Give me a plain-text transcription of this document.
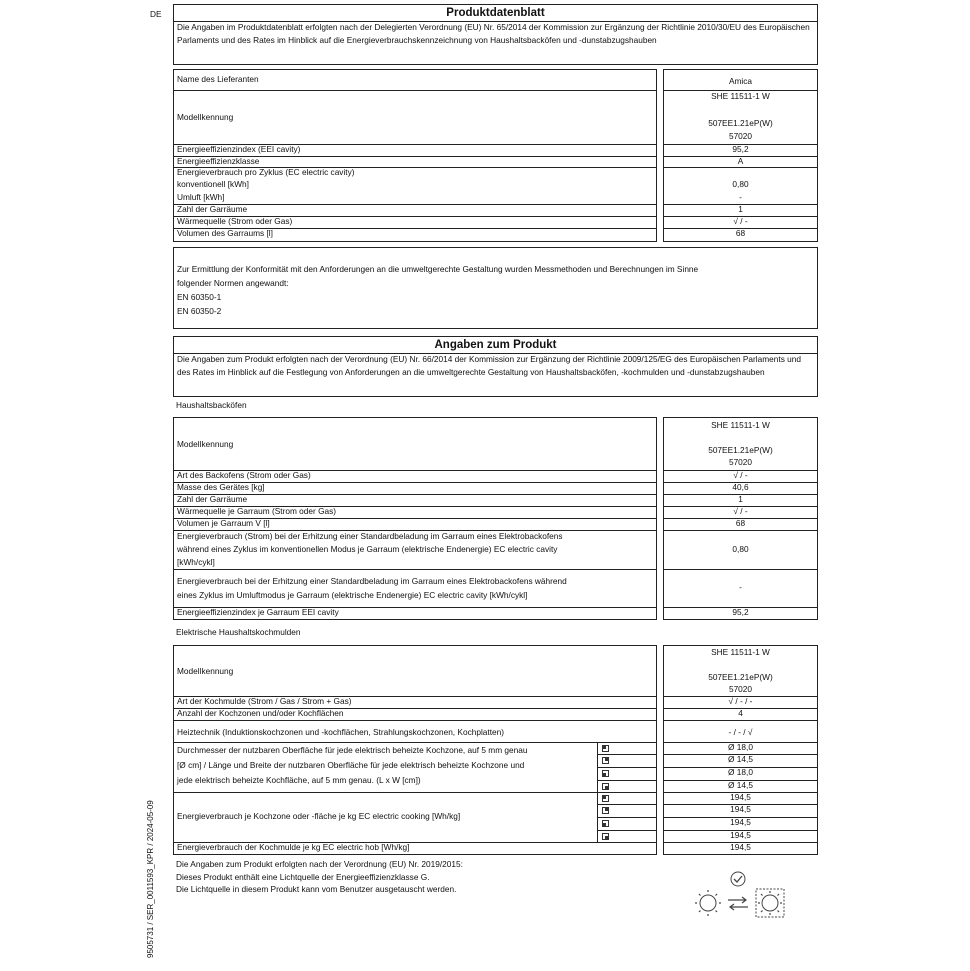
DE
9505731 / SER_0011593_KPR / 2024-05-09
Produktdatenblatt
Die Angaben im Produktdatenblatt erfolgten nach der Delegierten Verordnung (EU) Nr. 65/2014 der Kommission zur Ergänzung der Richtlinie 2010/30/EU des Europäischen Parlaments und des Rates im Hinblick auf die Energieverbrauchskennzeichnung von Haushaltsbacköfen und -dunstabzugshauben
Name des Lieferanten
Modellkennung
Energieeffizienzindex (EEI cavity)
Energieeffizienzklasse
Energieverbrauch pro Zyklus (EC electric cavity)
konventionell [kWh]
Umluft [kWh]
Zahl der Garräume
Wärmequelle (Strom oder Gas)
Volumen des Garraums [l]
Amica
SHE 11511-1 W
507EE1.21eP(W)
57020
95,2
A
0,80
-
1
√ / -
68
Zur Ermittlung der Konformität mit den Anforderungen an die umweltgerechte Gestaltung wurden Messmethoden und Berechnungen im Sinne
folgender Normen angewandt:
EN 60350-1
EN 60350-2
Angaben zum Produkt
Die Angaben zum Produkt erfolgten nach der Verordnung (EU) Nr. 66/2014 der Kommission zur Ergänzung der Richtlinie 2009/125/EG des Europäischen Parlaments und des Rates im Hinblick auf die Festlegung von Anforderungen an die umweltgerechte Gestaltung von Haushaltsbacköfen, -kochmulden und -dunstabzugshauben
Haushaltsbacköfen
Modellkennung
Art des Backofens (Strom oder Gas)
Masse des Gerätes [kg]
Zahl der Garräume
Wärmequelle je Garraum (Strom oder Gas)
Volumen je Garraum V [l]
Energieverbrauch (Strom) bei der Erhitzung einer Standardbeladung im Garraum eines Elektrobackofens
während eines Zyklus im konventionellen Modus je Garraum (elektrische Endenergie) EC electric cavity
[kWh/cykl]
Energieverbrauch bei der Erhitzung einer Standardbeladung im Garraum eines Elektrobackofens während
eines Zyklus im Umluftmodus je Garraum (elektrische Endenergie) EC electric cavity [kWh/cykl]
Energieeffizienzindex je Garraum EEI cavity
SHE 11511-1 W
507EE1.21eP(W)
57020
√ / -
40,6
1
√ / -
68
0,80
-
95,2
Elektrische Haushaltskochmulden
Modellkennung
Art der Kochmulde (Strom / Gas / Strom + Gas)
Anzahl der Kochzonen und/oder Kochflächen
Heiztechnik (Induktionskochzonen und -kochflächen, Strahlungskochzonen, Kochplatten)
Durchmesser der nutzbaren Oberfläche für jede elektrisch beheizte Kochzone, auf 5 mm genau
[Ø cm] / Länge und Breite der nutzbaren Oberfläche für jede elektrisch beheizte Kochzone und
jede elektrisch beheizte Kochfläche, auf 5 mm genau. (L x W [cm])
Energieverbrauch je Kochzone oder -fläche je kg EC electric cooking [Wh/kg]
Energieverbrauch der Kochmulde je kg EC electric hob [Wh/kg]
SHE 11511-1 W
507EE1.21eP(W)
57020
√ / - / -
4
- / - / √
Ø 18,0
Ø 14,5
Ø 18,0
Ø 14,5
194,5
194,5
194,5
194,5
194,5
Die Angaben zum Produkt erfolgten nach der Verordnung (EU) Nr. 2019/2015:
Dieses Produkt enthält eine Lichtquelle der Energieeffizienzklasse G.
Die Lichtquelle in diesem Produkt kann vom Benutzer ausgetauscht werden.
